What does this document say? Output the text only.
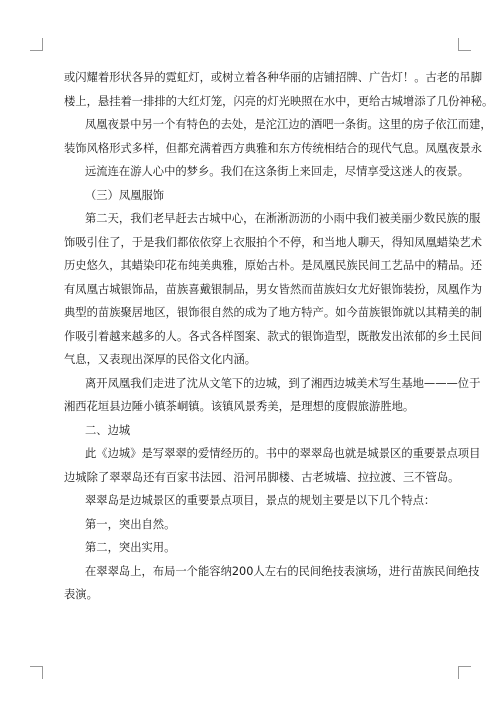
或闪耀着形状各异的霓虹灯，或树立着各种华丽的店铺招牌、广告灯！。古老的吊脚
楼上，悬挂着一排排的大红灯笼，闪亮的灯光映照在水中，更给古城增添了几份神秘。
凤凰夜景中另一个有特色的去处，是沱江边的酒吧一条街。这里的房子依江而建，
装饰风格形式多样，但都充满着西方典雅和东方传统相结合的现代气息。凤凰夜景永
远流连在游人心中的梦乡。我们在这条街上来回走，尽情享受这迷人的夜景。
（三）凤凰服饰
第二天，我们老早赶去古城中心，在淅淅沥沥的小雨中我们被美丽少数民族的服
饰吸引住了，于是我们都依依穿上衣服拍个不停，和当地人聊天，得知凤凰蜡染艺术
历史悠久，其蜡染印花布纯美典雅，原始古朴。是凤凰民族民间工艺品中的精品。还
有凤凰古城银饰品，苗族喜戴银制品，男女皆然而苗族妇女尤好银饰装扮，凤凰作为
典型的苗族聚居地区，银饰很自然的成为了地方特产。如今苗族银饰就以其精美的制
作吸引着越来越多的人。各式各样图案、款式的银饰造型，既散发出浓郁的乡土民间
气息，又表现出深厚的民俗文化内涵。
离开凤凰我们走进了沈从文笔下的边城，到了湘西边城美术写生基地———位于
湘西花垣县边陲小镇茶峒镇。该镇风景秀美，是理想的度假旅游胜地。
二、边城
此《边城》是写翠翠的爱情经历的。书中的翠翠岛也就是城景区的重要景点项目
边城除了翠翠岛还有百家书法园、沿河吊脚楼、古老城墙、拉拉渡、三不管岛。
翠翠岛是边城景区的重要景点项目，景点的规划主要是以下几个特点：
第一，突出自然。
第二，突出实用。
在翠翠岛上，布局一个能容纳200人左右的民间绝技表演场，进行苗族民间绝技
表演。
